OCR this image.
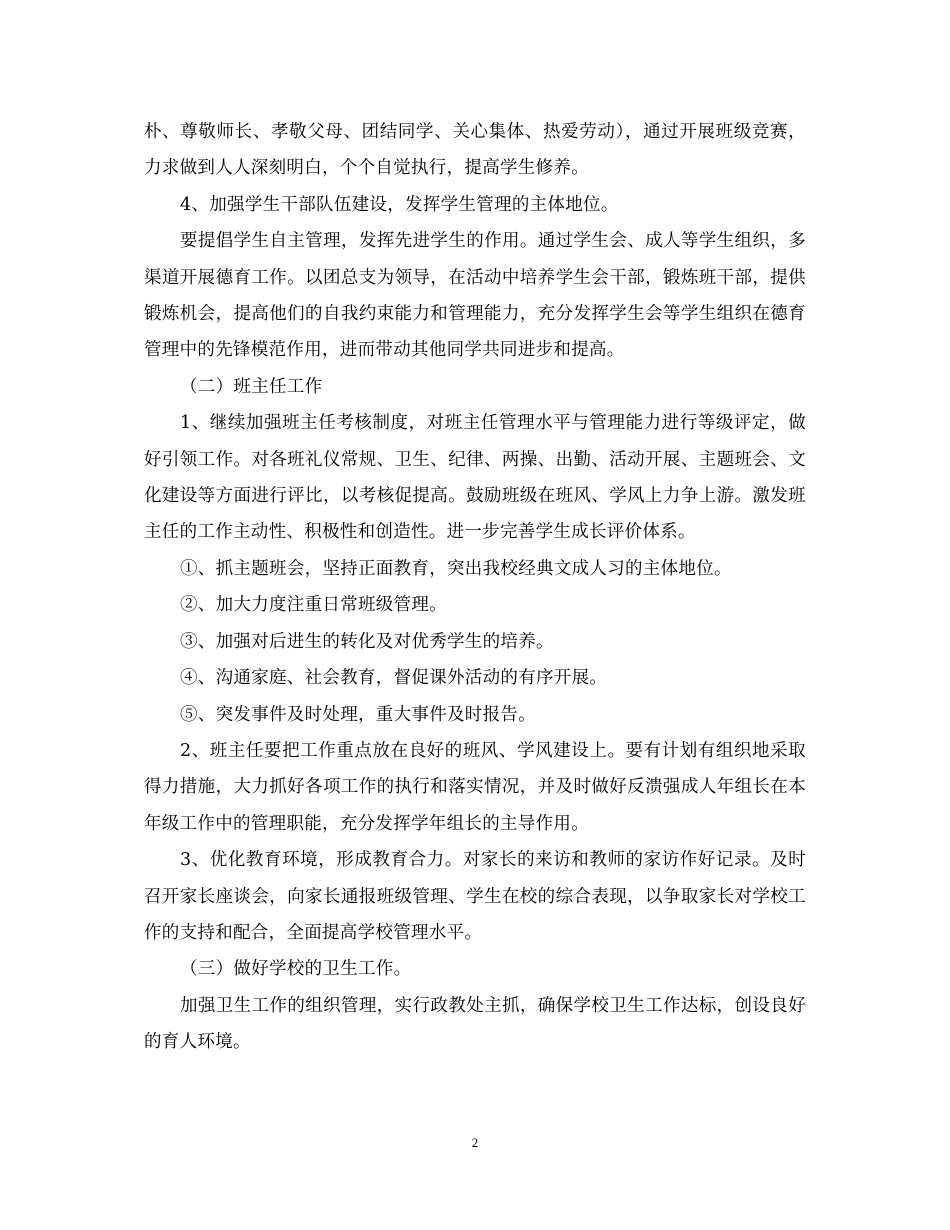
朴、尊敬师长、孝敬父母、团结同学、关心集体、热爱劳动），通过开展班级竞赛，力求做到人人深刻明白，个个自觉执行，提高学生修养。

4、加强学生干部队伍建设，发挥学生管理的主体地位。

要提倡学生自主管理，发挥先进学生的作用。通过学生会、成人等学生组织，多渠道开展德育工作。以团总支为领导，在活动中培养学生会干部，锻炼班干部，提供锻炼机会，提高他们的自我约束能力和管理能力，充分发挥学生会等学生组织在德育管理中的先锋模范作用，进而带动其他同学共同进步和提高。

（二）班主任工作

1、继续加强班主任考核制度，对班主任管理水平与管理能力进行等级评定，做好引领工作。对各班礼仪常规、卫生、纪律、两操、出勤、活动开展、主题班会、文化建设等方面进行评比，以考核促提高。鼓励班级在班风、学风上力争上游。激发班主任的工作主动性、积极性和创造性。进一步完善学生成长评价体系。

①、抓主题班会，坚持正面教育，突出我校经典文成人习的主体地位。

②、加大力度注重日常班级管理。

③、加强对后进生的转化及对优秀学生的培养。

④、沟通家庭、社会教育，督促课外活动的有序开展。

⑤、突发事件及时处理，重大事件及时报告。

2、班主任要把工作重点放在良好的班风、学风建设上。要有计划有组织地采取得力措施，大力抓好各项工作的执行和落实情况，并及时做好反溃强成人年组长在本年级工作中的管理职能，充分发挥学年组长的主导作用。

3、优化教育环境，形成教育合力。对家长的来访和教师的家访作好记录。及时召开家长座谈会，向家长通报班级管理、学生在校的综合表现，以争取家长对学校工作的支持和配合，全面提高学校管理水平。

（三）做好学校的卫生工作。

加强卫生工作的组织管理，实行政教处主抓，确保学校卫生工作达标，创设良好的育人环境。

2
